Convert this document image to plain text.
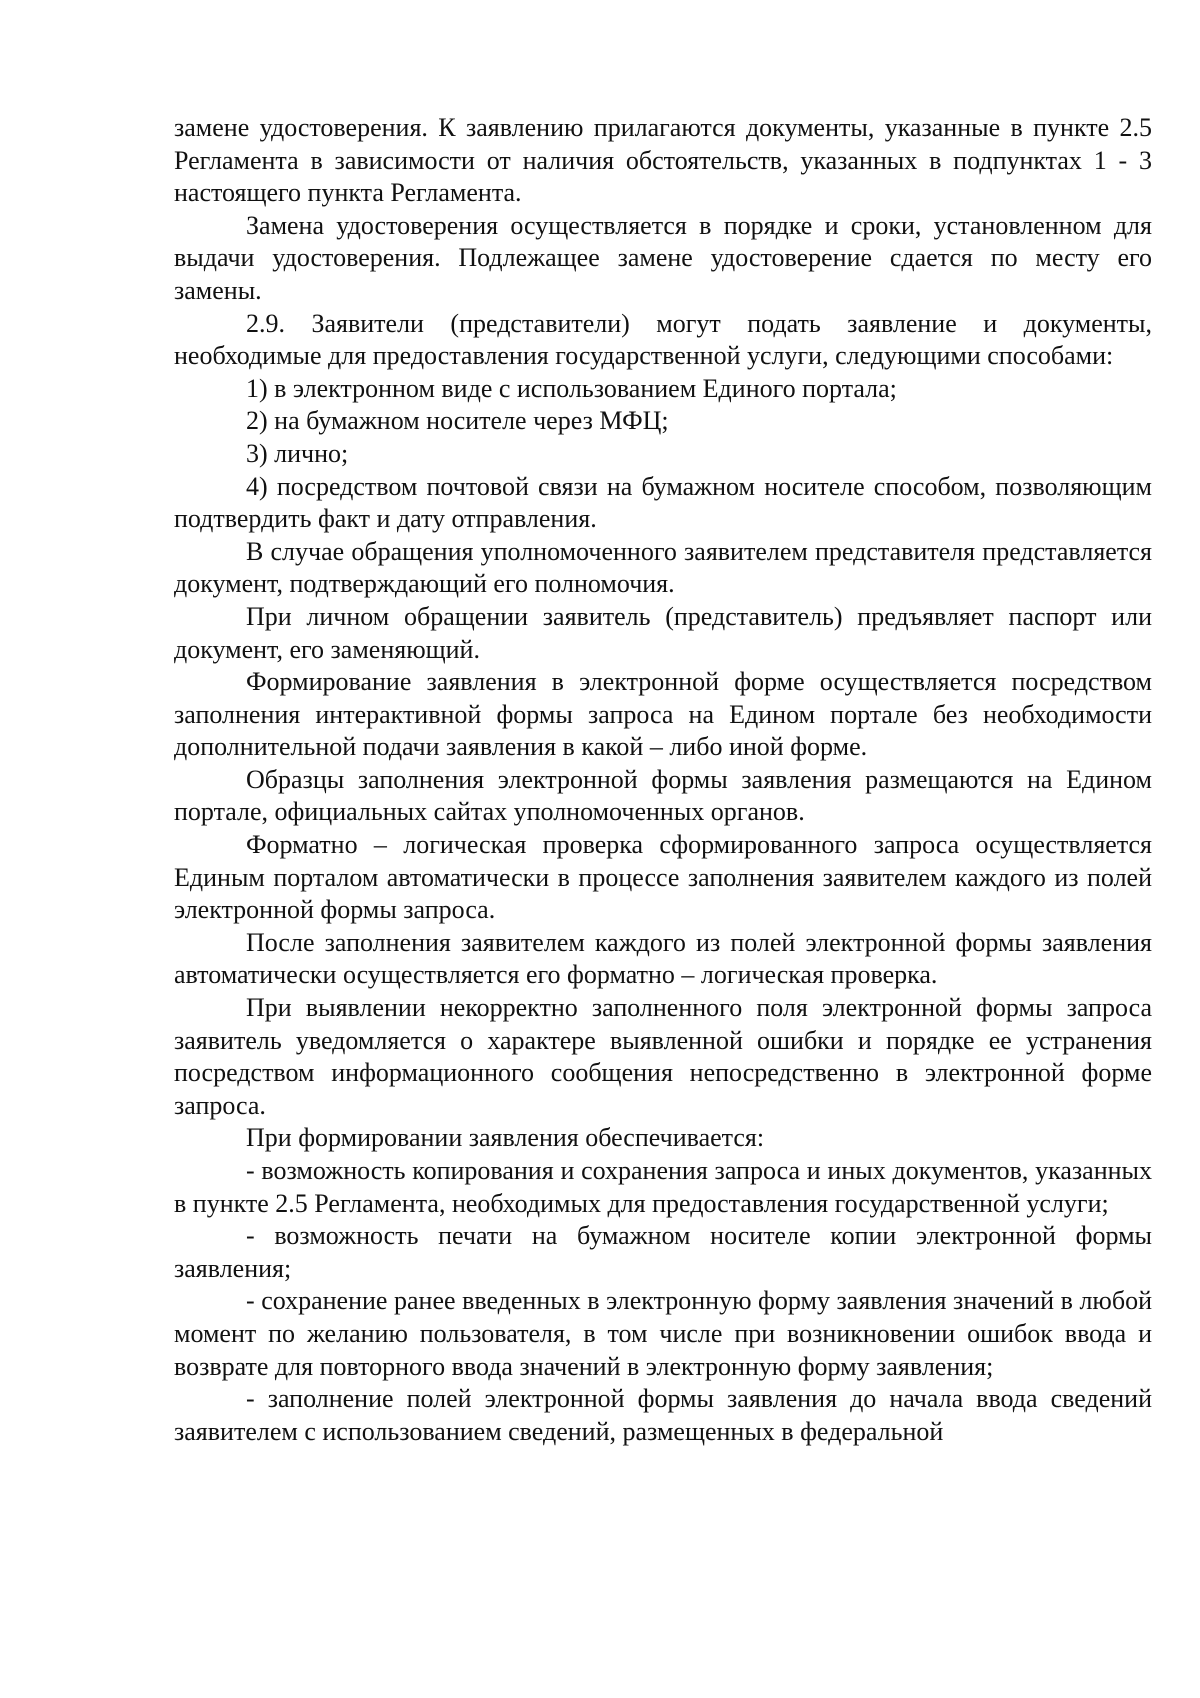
замене удостоверения. К заявлению прилагаются документы, указанные в пункте 2.5 Регламента в зависимости от наличия обстоятельств, указанных в подпунктах 1 - 3 настоящего пункта Регламента.

Замена удостоверения осуществляется в порядке и сроки, установленном для выдачи удостоверения. Подлежащее замене удостоверение сдается по месту его замены.

2.9. Заявители (представители) могут подать заявление и документы, необходимые для предоставления государственной услуги, следующими способами:

1) в электронном виде с использованием Единого портала;

2) на бумажном носителе через МФЦ;

3) лично;

4) посредством почтовой связи на бумажном носителе способом, позволяющим подтвердить факт и дату отправления.

В случае обращения уполномоченного заявителем представителя представляется документ, подтверждающий его полномочия.

При личном обращении заявитель (представитель) предъявляет паспорт или документ, его заменяющий.

Формирование заявления в электронной форме осуществляется посредством заполнения интерактивной формы запроса на Едином портале без необходимости дополнительной подачи заявления в какой – либо иной форме.

Образцы заполнения электронной формы заявления размещаются на Едином портале, официальных сайтах уполномоченных органов.

Форматно – логическая проверка сформированного запроса осуществляется Единым порталом автоматически в процессе заполнения заявителем каждого из полей электронной формы запроса.

После заполнения заявителем каждого из полей электронной формы заявления автоматически осуществляется его форматно – логическая проверка.

При выявлении некорректно заполненного поля электронной формы запроса заявитель уведомляется о характере выявленной ошибки и порядке ее устранения посредством информационного сообщения непосредственно в электронной форме запроса.

При формировании заявления обеспечивается:

- возможность копирования и сохранения запроса и иных документов, указанных в пункте 2.5 Регламента, необходимых для предоставления государственной услуги;

- возможность печати на бумажном носителе копии электронной формы заявления;

- сохранение ранее введенных в электронную форму заявления значений в любой момент по желанию пользователя, в том числе при возникновении ошибок ввода и возврате для повторного ввода значений в электронную форму заявления;

- заполнение полей электронной формы заявления до начала ввода сведений заявителем с использованием сведений, размещенных в федеральной
